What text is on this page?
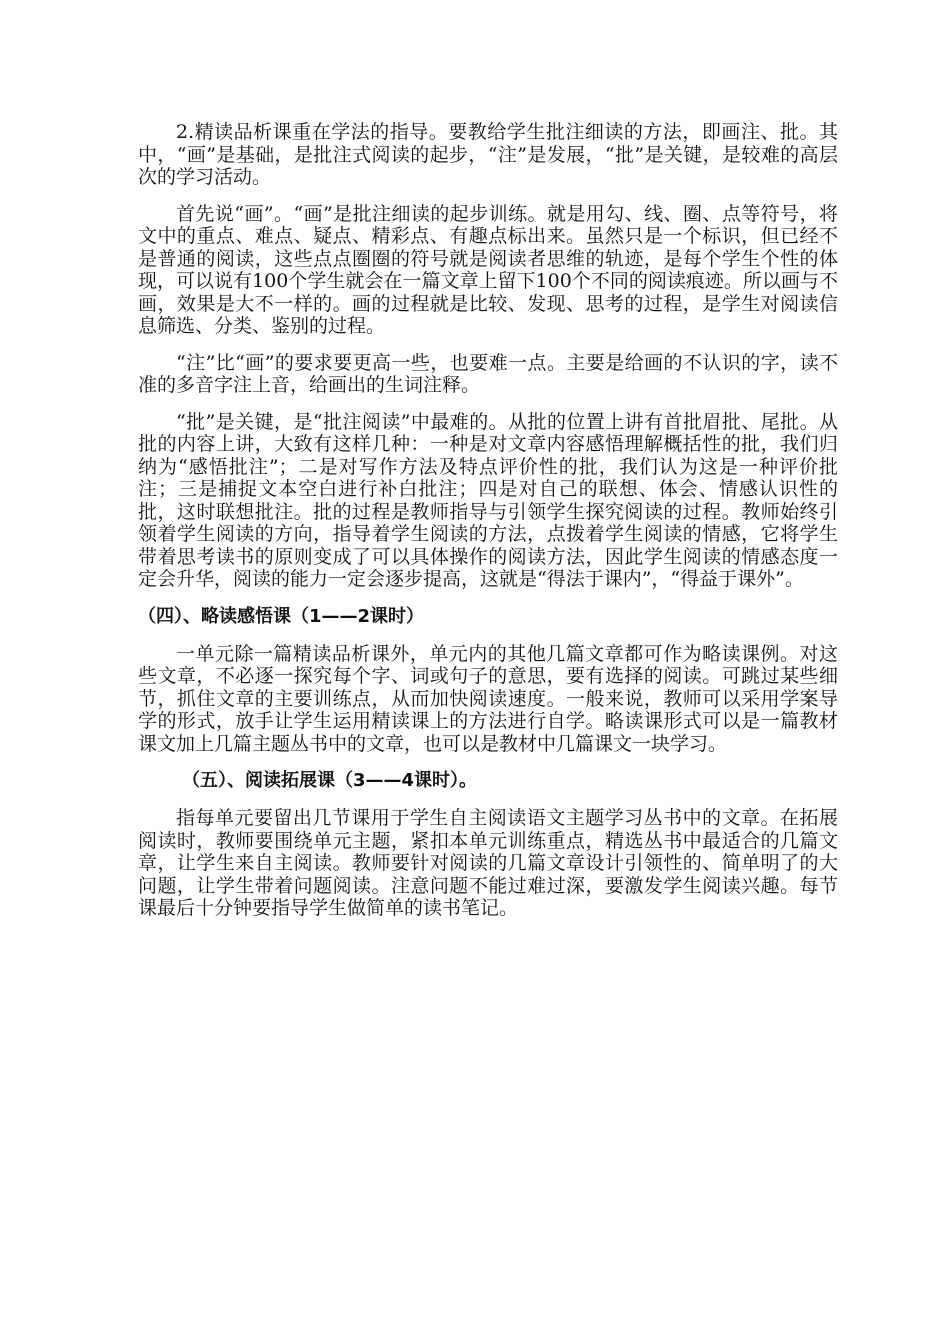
2.精读品析课重在学法的指导。要教给学生批注细读的方法，即画注、批。其中，“画”是基础，是批注式阅读的起步，“注”是发展，“批”是关键，是较难的高层次的学习活动。

首先说“画”。“画”是批注细读的起步训练。就是用勾、线、圈、点等符号，将文中的重点、难点、疑点、精彩点、有趣点标出来。虽然只是一个标识，但已经不是普通的阅读，这些点点圈圈的符号就是阅读者思维的轨迹，是每个学生个性的体现，可以说有100个学生就会在一篇文章上留下100个不同的阅读痕迹。所以画与不画，效果是大不一样的。画的过程就是比较、发现、思考的过程，是学生对阅读信息筛选、分类、鉴别的过程。

“注”比“画”的要求要更高一些，也要难一点。主要是给画的不认识的字，读不准的多音字注上音，给画出的生词注释。

“批”是关键，是“批注阅读”中最难的。从批的位置上讲有首批眉批、尾批。从批的内容上讲，大致有这样几种：一种是对文章内容感悟理解概括性的批，我们归纳为“感悟批注”；二是对写作方法及特点评价性的批，我们认为这是一种评价批注；三是捕捉文本空白进行补白批注；四是对自己的联想、体会、情感认识性的批，这时联想批注。批的过程是教师指导与引领学生探究阅读的过程。教师始终引领着学生阅读的方向，指导着学生阅读的方法，点拨着学生阅读的情感，它将学生带着思考读书的原则变成了可以具体操作的阅读方法，因此学生阅读的情感态度一定会升华，阅读的能力一定会逐步提高，这就是“得法于课内”，“得益于课外”。

（四）、略读感悟课（1——2课时）

一单元除一篇精读品析课外，单元内的其他几篇文章都可作为略读课例。对这些文章，不必逐一探究每个字、词或句子的意思，要有选择的阅读。可跳过某些细节，抓住文章的主要训练点，从而加快阅读速度。一般来说，教师可以采用学案导学的形式，放手让学生运用精读课上的方法进行自学。略读课形式可以是一篇教材课文加上几篇主题丛书中的文章，也可以是教材中几篇课文一块学习。

（五）、阅读拓展课（3——4课时）。

指每单元要留出几节课用于学生自主阅读语文主题学习丛书中的文章。在拓展阅读时，教师要围绕单元主题，紧扣本单元训练重点，精选丛书中最适合的几篇文章，让学生来自主阅读。教师要针对阅读的几篇文章设计引领性的、简单明了的大问题，让学生带着问题阅读。注意问题不能过难过深，要激发学生阅读兴趣。每节课最后十分钟要指导学生做简单的读书笔记。
